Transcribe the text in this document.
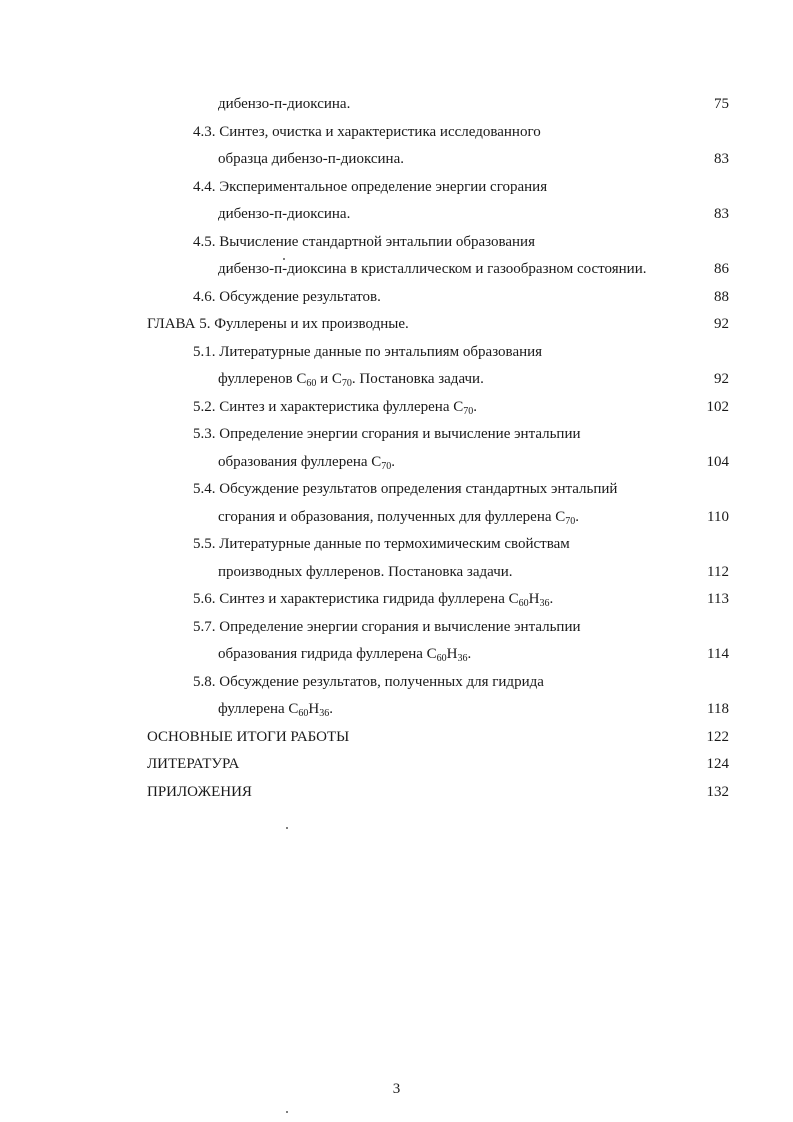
дибензо-п-диоксина.	75
4.3. Синтез, очистка и характеристика исследованного
образца дибензо-п-диоксина.	83
4.4. Экспериментальное определение энергии сгорания
дибензо-п-диоксина.	83
4.5. Вычисление стандартной энтальпии образования
дибензо-п-диоксина в кристаллическом и газообразном состоянии.	86
4.6. Обсуждение результатов.	88
ГЛАВА 5. Фуллерены и их производные.	92
5.1. Литературные данные по энтальпиям образования
фуллеренов $C_{60}$ и $C_{70}$. Постановка задачи.	92
5.2. Синтез и характеристика фуллерена $C_{70}$.	102
5.3. Определение энергии сгорания и вычисление энтальпии
образования фуллерена $C_{70}$.	104
5.4. Обсуждение результатов определения стандартных энтальпий
сгорания и образования, полученных для фуллерена $C_{70}$.	110
5.5. Литературные данные по термохимическим свойствам
производных фуллеренов. Постановка задачи.	112
5.6. Синтез и характеристика гидрида фуллерена $C_{60}H_{36}$.	113
5.7. Определение энергии сгорания и вычисление энтальпии
образования гидрида фуллерена $C_{60}H_{36}$.	114
5.8. Обсуждение результатов, полученных для гидрида
фуллерена $C_{60}H_{36}$.	118
ОСНОВНЫЕ ИТОГИ РАБОТЫ	122
ЛИТЕРАТУРА	124
ПРИЛОЖЕНИЯ	132
3
